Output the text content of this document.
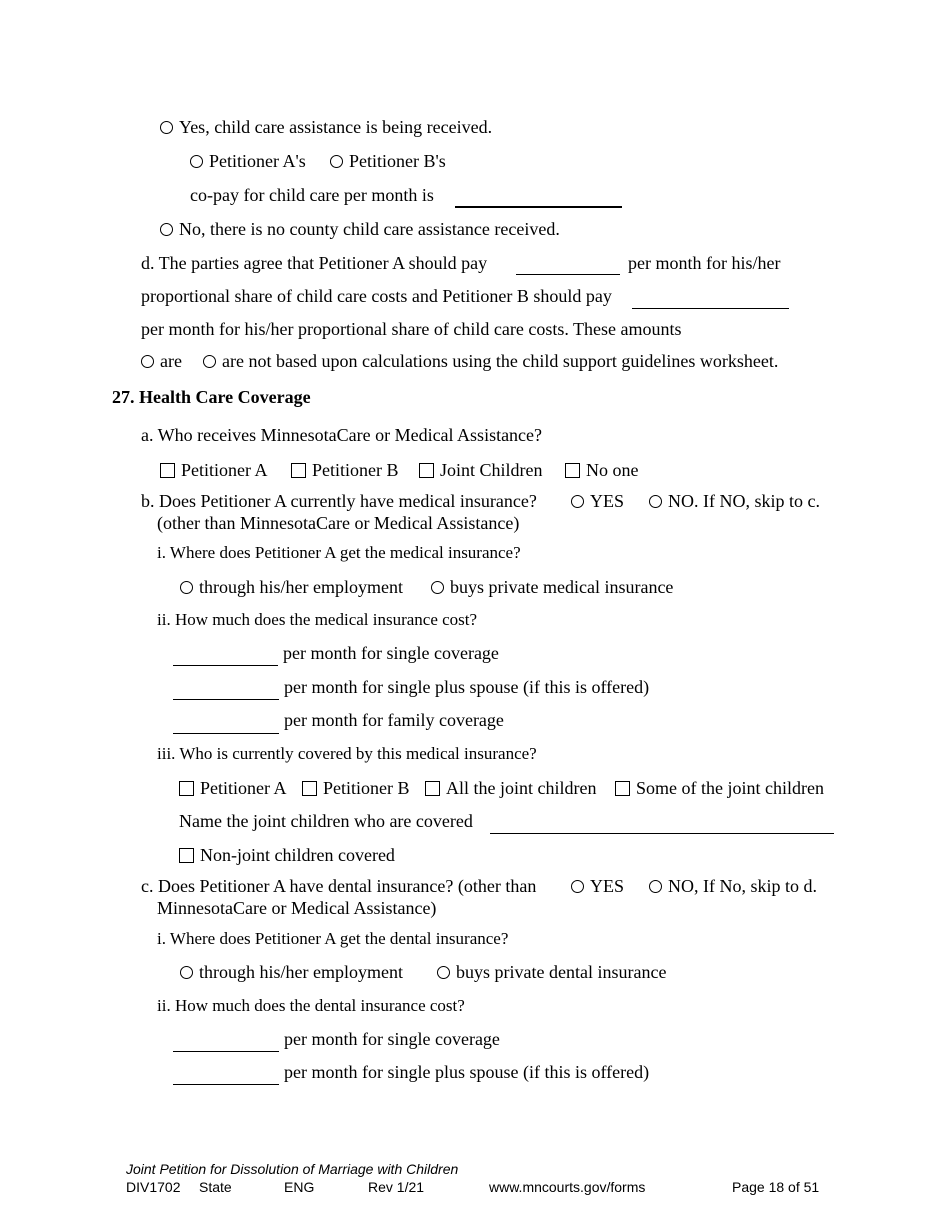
Yes, child care assistance is being received.
Petitioner A's	Petitioner B's
co-pay for child care per month is
No, there is no county child care assistance received.
d. The parties agree that Petitioner A should pay	per month for his/her
proportional share of child care costs and Petitioner B should pay
per month for his/her proportional share of child care costs. These amounts
are	are not based upon calculations using the child support guidelines worksheet.
27. Health Care Coverage
a. Who receives MinnesotaCare or Medical Assistance?
Petitioner A	Petitioner B	Joint Children	No one
b. Does Petitioner A currently have medical insurance?
(other than MinnesotaCare or Medical Assistance)
YES	NO. If NO, skip to c.
i. Where does Petitioner A get the medical insurance?
through his/her employment	buys private medical insurance
ii. How much does the medical insurance cost?
per month for single coverage
per month for single plus spouse (if this is offered)
per month for family coverage
iii. Who is currently covered by this medical insurance?
Petitioner A	Petitioner B	All the joint children	Some of the joint children
Name the joint children who are covered
Non-joint children covered
c. Does Petitioner A have dental insurance? (other than
MinnesotaCare or Medical Assistance)
YES	NO, If No, skip to d.
i. Where does Petitioner A get the dental insurance?
through his/her employment	buys private dental insurance
ii. How much does the dental insurance cost?
per month for single coverage
per month for single plus spouse (if this is offered)
Joint Petition for Dissolution of Marriage with Children
DIV1702 State	ENG	Rev 1/21	www.mncourts.gov/forms	Page 18 of 51
